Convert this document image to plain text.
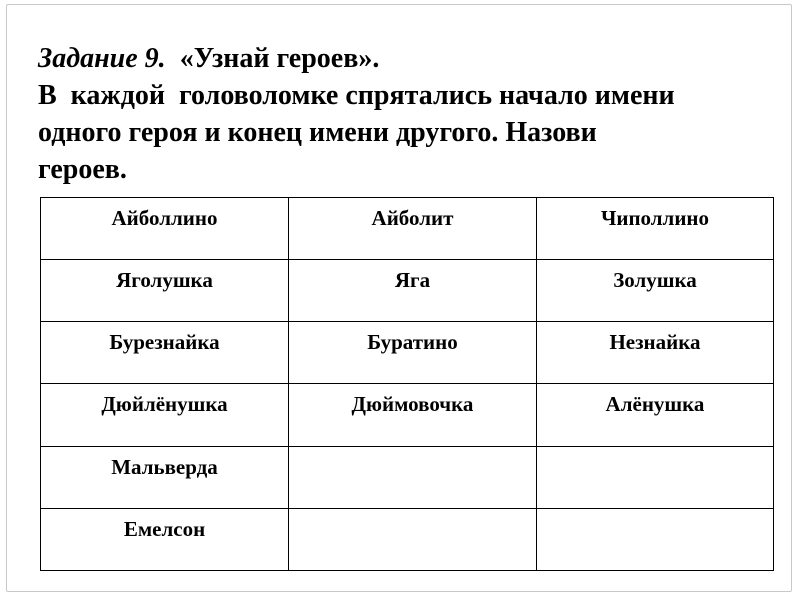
Задание 9. «Узнай героев».
В  каждой  головоломке спрятались начало имени
одного героя и конец имени другого. Назови
героев.
Айболлино	Айболит	Чиполлино
Яголушка	Яга	Золушка
Бурезнайка	Буратино	Незнайка
Дюйлёнушка	Дюймовочка	Алёнушка
Мальверда		
Емелсон		
